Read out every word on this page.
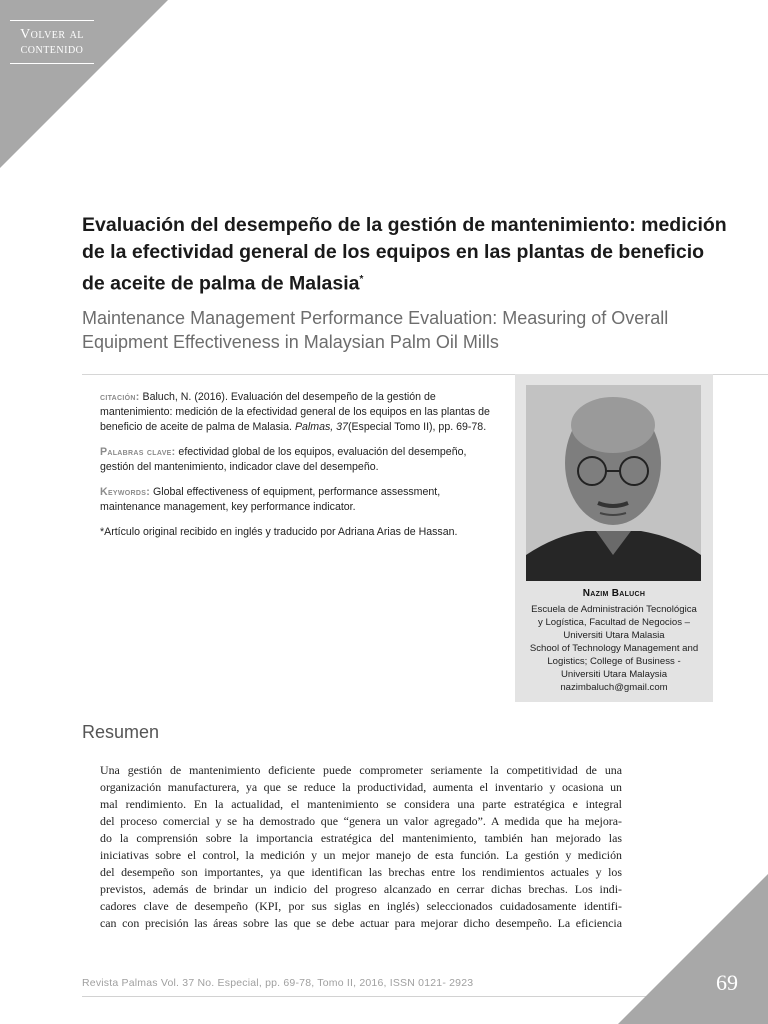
Volver al
contenido
Evaluación del desempeño de la gestión de mantenimiento: medición de la efectividad general de los equipos en las plantas de beneficio de aceite de palma de Malasia*

Maintenance Management Performance Evaluation: Measuring of Overall Equipment Effectiveness in Malaysian Palm Oil Mills

citación: Baluch, N. (2016). Evaluación del desempeño de la gestión de mantenimiento: medición de la efectividad general de los equipos en las plantas de beneficio de aceite de palma de Malasia. Palmas, 37(Especial Tomo II), pp. 69-78.

Palabras clave: efectividad global de los equipos, evaluación del desempeño, gestión del mantenimiento, indicador clave del desempeño.

Keywords: Global effectiveness of equipment, performance assessment, maintenance management, key performance indicator.

*Artículo original recibido en inglés y traducido por Adriana Arias de Hassan.

Nazim Baluch
Escuela de Administración Tecnológica
y Logística, Facultad de Negocios –
Universiti Utara Malasia
School of Technology Management and
Logistics; College of Business -
Universiti Utara Malaysia
nazimbaluch@gmail.com
Resumen
Una gestión de mantenimiento deficiente puede comprometer seriamente la competitividad de una
organización manufacturera, ya que se reduce la productividad, aumenta el inventario y ocasiona un
mal rendimiento. En la actualidad, el mantenimiento se considera una parte estratégica e integral
del proceso comercial y se ha demostrado que “genera un valor agregado”. A medida que ha mejora-
do la comprensión sobre la importancia estratégica del mantenimiento, también han mejorado las
iniciativas sobre el control, la medición y un mejor manejo de esta función. La gestión y medición
del desempeño son importantes, ya que identifican las brechas entre los rendimientos actuales y los
previstos, además de brindar un indicio del progreso alcanzado en cerrar dichas brechas. Los indi-
cadores clave de desempeño (KPI, por sus siglas en inglés) seleccionados cuidadosamente identifi-
can con precisión las áreas sobre las que se debe actuar para mejorar dicho desempeño. La eficiencia
Revista Palmas Vol. 37 No. Especial, pp. 69-78, Tomo II, 2016, ISSN 0121- 2923	69
